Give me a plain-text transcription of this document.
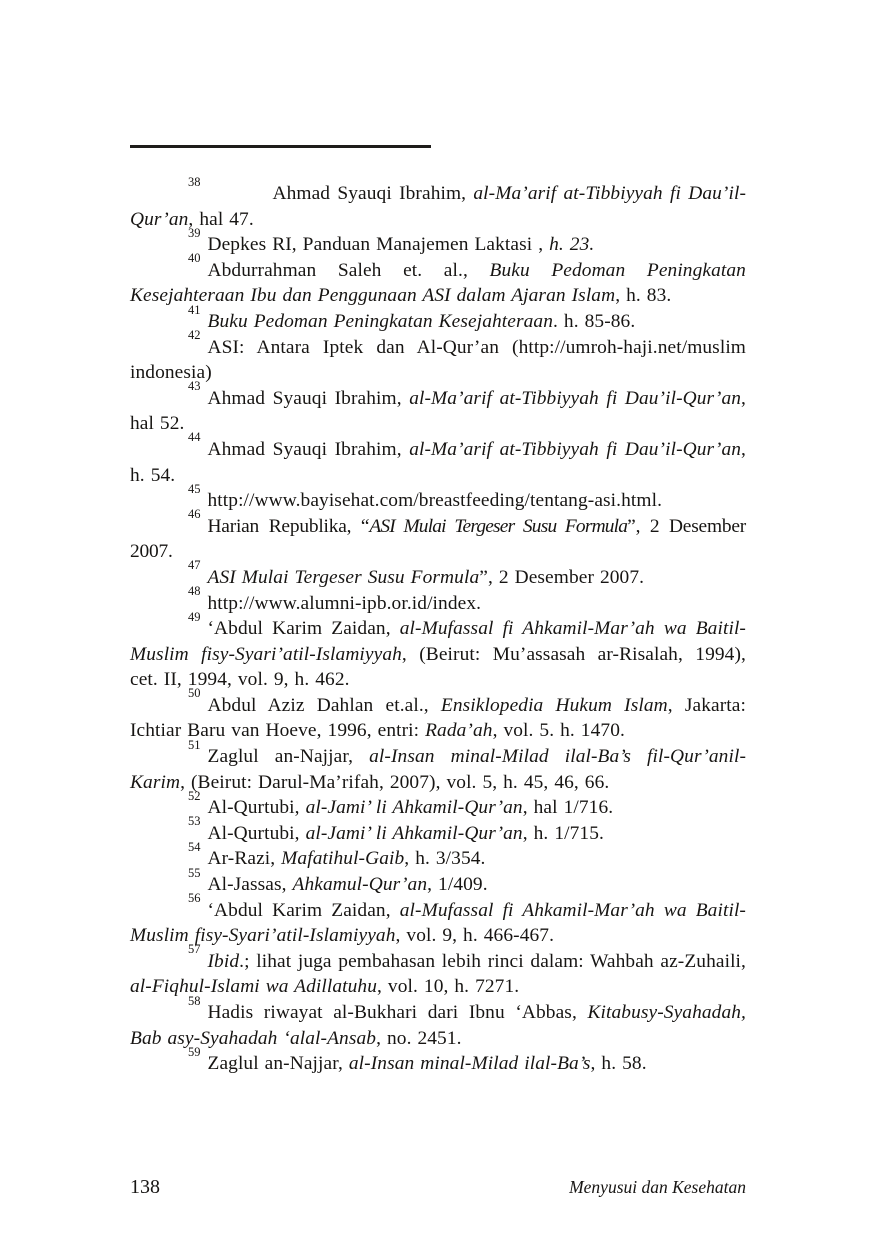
$^{38}$Ahmad Syauqi Ibrahim, al-Ma’arif at-Tibbiyyah fi Dau’il-Qur’an, hal 47.

$^{39}$Depkes RI, Panduan Manajemen Laktasi , h. 23.

$^{40}$Abdurrahman Saleh et. al., Buku Pedoman Peningkatan Kesejahteraan Ibu dan Penggunaan ASI dalam Ajaran Islam, h. 83.

$^{41}$Buku Pedoman Peningkatan Kesejahteraan. h. 85-86.

$^{42}$ASI: Antara Iptek dan Al-Qur’an (http://umroh-haji.net/muslim indonesia)

$^{43}$Ahmad Syauqi Ibrahim, al-Ma’arif at-Tibbiyyah fi Dau’il-Qur’an, hal 52.

$^{44}$Ahmad Syauqi Ibrahim, al-Ma’arif at-Tibbiyyah fi Dau’il-Qur’an, h. 54.

$^{45}$http://www.bayisehat.com/breastfeeding/tentang-asi.html.

$^{46}$Harian Republika, “ASI Mulai Tergeser Susu Formula”, 2 Desember 2007.

$^{47}$ASI Mulai Tergeser Susu Formula”, 2 Desember 2007.

$^{48}$http://www.alumni-ipb.or.id/index.

$^{49}$‘Abdul Karim Zaidan, al-Mufassal fi Ahkamil-Mar’ah wa Baitil-Muslim fisy-Syari’atil-Islamiyyah, (Beirut: Mu’assasah ar-Risalah, 1994), cet. II, 1994, vol. 9, h. 462.

$^{50}$Abdul Aziz Dahlan et.al., Ensiklopedia Hukum Islam, Jakarta: Ichtiar Baru van Hoeve, 1996, entri: Rada’ah, vol. 5. h. 1470.

$^{51}$Zaglul an-Najjar, al-Insan minal-Milad ilal-Ba’s fil-Qur’anil-Karim, (Beirut: Darul-Ma’rifah, 2007), vol. 5, h. 45, 46, 66.

$^{52}$Al-Qurtubi, al-Jami’ li Ahkamil-Qur’an, hal 1/716.

$^{53}$Al-Qurtubi, al-Jami’ li Ahkamil-Qur’an, h. 1/715.

$^{54}$Ar-Razi, Mafatihul-Gaib, h. 3/354.

$^{55}$Al-Jassas, Ahkamul-Qur’an, 1/409.

$^{56}$‘Abdul Karim Zaidan, al-Mufassal fi Ahkamil-Mar’ah wa Baitil-Muslim fisy-Syari’atil-Islamiyyah, vol. 9, h. 466-467.

$^{57}$Ibid.; lihat juga pembahasan lebih rinci dalam: Wahbah az-Zuhaili, al-Fiqhul-Islami wa Adillatuhu, vol. 10, h. 7271.

$^{58}$Hadis riwayat al-Bukhari dari Ibnu ‘Abbas, Kitabusy-Syahadah, Bab asy-Syahadah ‘alal-Ansab, no. 2451.

$^{59}$Zaglul an-Najjar, al-Insan minal-Milad ilal-Ba’s, h. 58.

138	Menyusui dan Kesehatan
